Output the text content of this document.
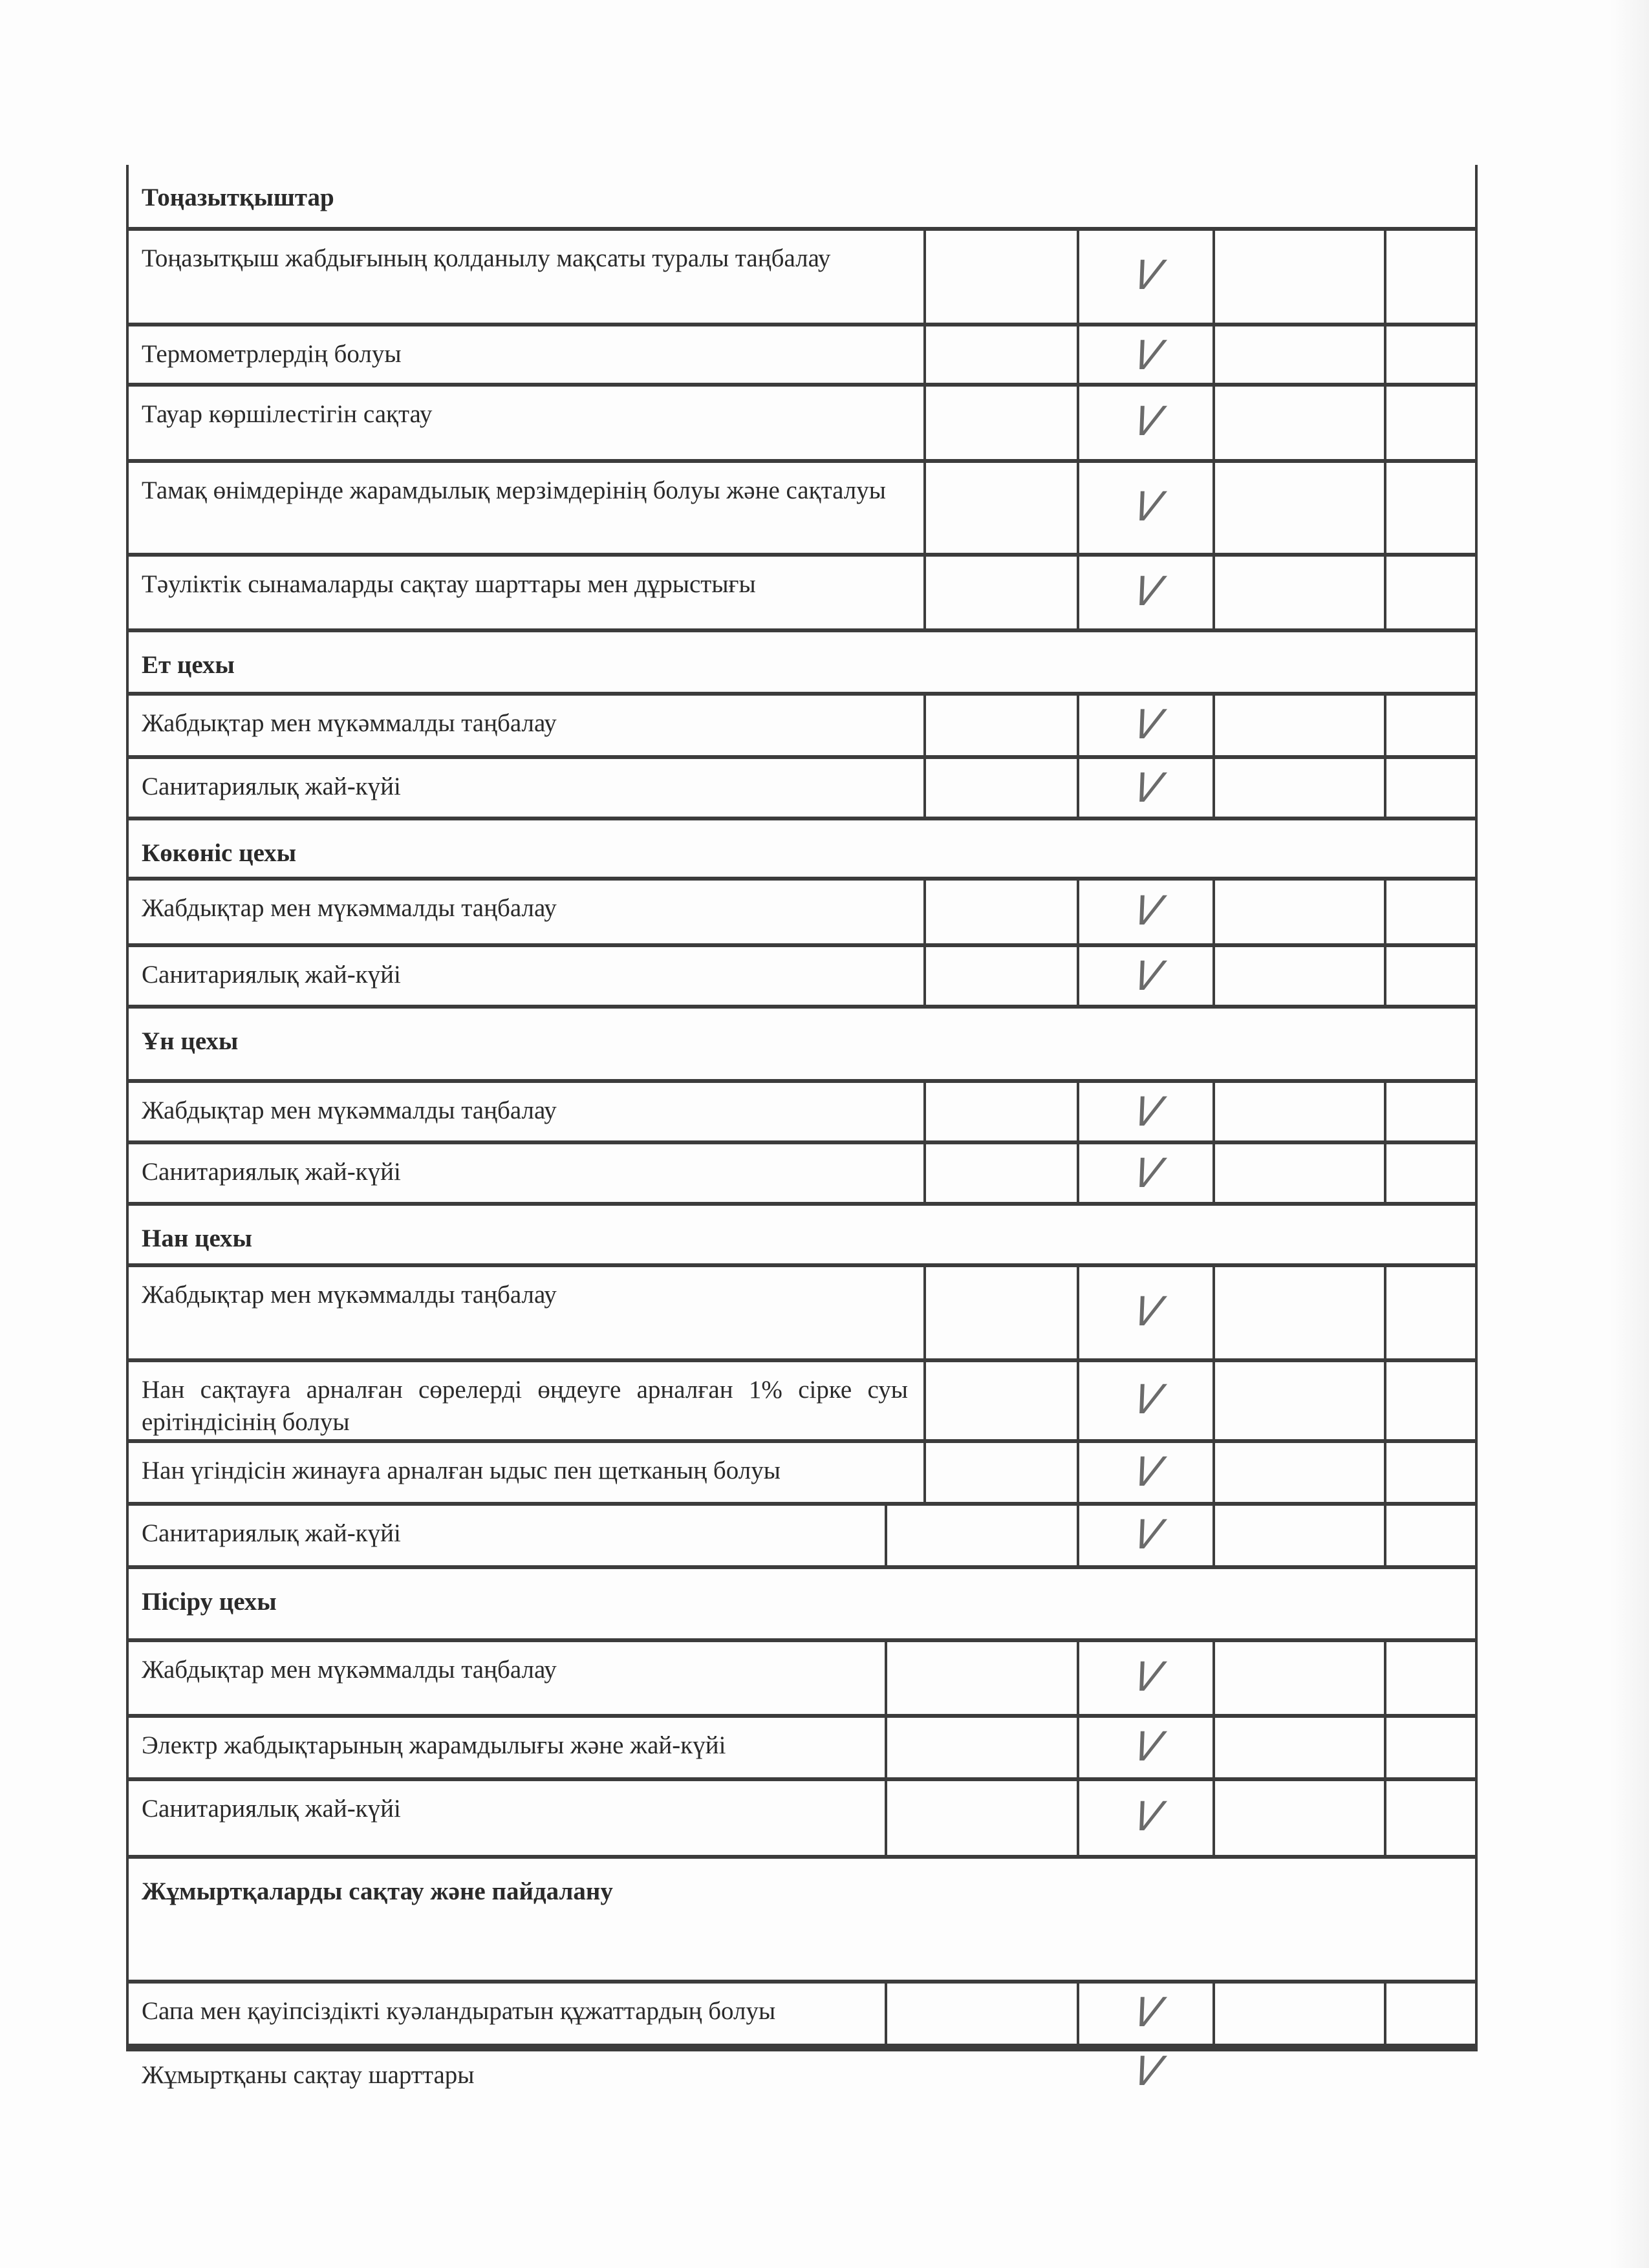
Тоңазытқыштар
Тоңазытқыш жабдығының қолданылу мақсаты туралы таңбалау	V
Термометрлердің болуы	V
Тауар көршілестігін сақтау	V
Тамақ өнімдерінде жарамдылық мерзімдерінің болуы және сақталуы	V
Тәуліктік сынамаларды сақтау шарттары мен дұрыстығы	V
Ет цехы
Жабдықтар мен мүкәммалды таңбалау	V
Санитариялық жай-күйі	V
Көкөніс цехы
Жабдықтар мен мүкәммалды таңбалау	V
Санитариялық жай-күйі	V
Ұн цехы
Жабдықтар мен мүкәммалды таңбалау	V
Санитариялық жай-күйі	V
Нан цехы
Жабдықтар мен мүкәммалды таңбалау	V
Нан сақтауға арналған сөрелерді өңдеуге арналған 1% сірке суы ерітіндісінің болуы	V
Нан үгіндісін жинауға арналған ыдыс пен щетканың болуы	V
Санитариялық жай-күйі	V
Пісіру цехы
Жабдықтар мен мүкәммалды таңбалау	V
Электр жабдықтарының жарамдылығы және жай-күйі	V
Санитариялық жай-күйі	V
Жұмыртқаларды сақтау және пайдалану
Сапа мен қауіпсіздікті куәландыратын құжаттардың болуы	V
Жұмыртқаны сақтау шарттары	V
